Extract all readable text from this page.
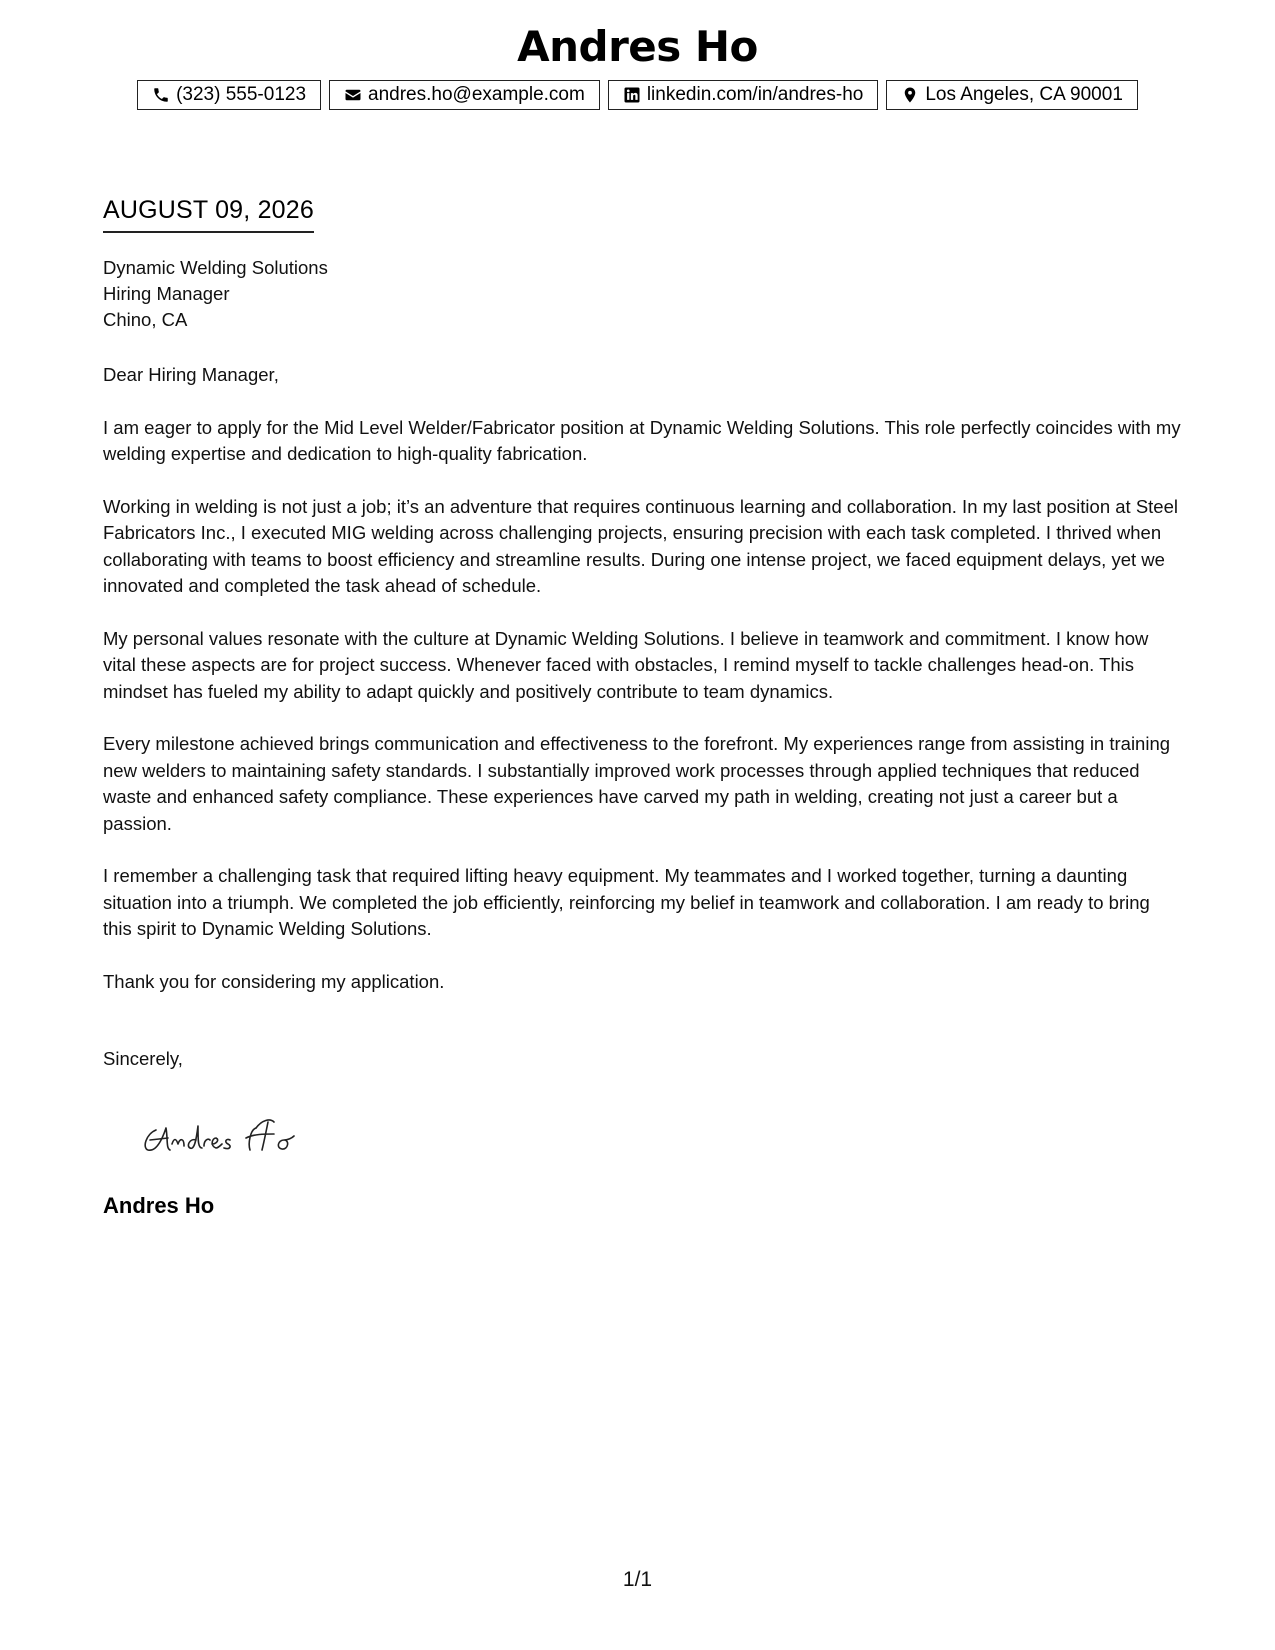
Andres Ho
(323) 555-0123	andres.ho@example.com	linkedin.com/in/andres-ho	Los Angeles, CA 90001
AUGUST 09, 2026
Dynamic Welding Solutions
Hiring Manager
Chino, CA

Dear Hiring Manager,

I am eager to apply for the Mid Level Welder/Fabricator position at Dynamic Welding Solutions. This role perfectly coincides with my welding expertise and dedication to high-quality fabrication.

Working in welding is not just a job; it’s an adventure that requires continuous learning and collaboration. In my last position at Steel Fabricators Inc., I executed MIG welding across challenging projects, ensuring precision with each task completed. I thrived when collaborating with teams to boost efficiency and streamline results. During one intense project, we faced equipment delays, yet we innovated and completed the task ahead of schedule.

My personal values resonate with the culture at Dynamic Welding Solutions. I believe in teamwork and commitment. I know how vital these aspects are for project success. Whenever faced with obstacles, I remind myself to tackle challenges head-on. This mindset has fueled my ability to adapt quickly and positively contribute to team dynamics.

Every milestone achieved brings communication and effectiveness to the forefront. My experiences range from assisting in training new welders to maintaining safety standards. I substantially improved work processes through applied techniques that reduced waste and enhanced safety compliance. These experiences have carved my path in welding, creating not just a career but a passion.

I remember a challenging task that required lifting heavy equipment. My teammates and I worked together, turning a daunting situation into a triumph. We completed the job efficiently, reinforcing my belief in teamwork and collaboration. I am ready to bring this spirit to Dynamic Welding Solutions.

Thank you for considering my application.

Sincerely,
Andres Ho
1/1
